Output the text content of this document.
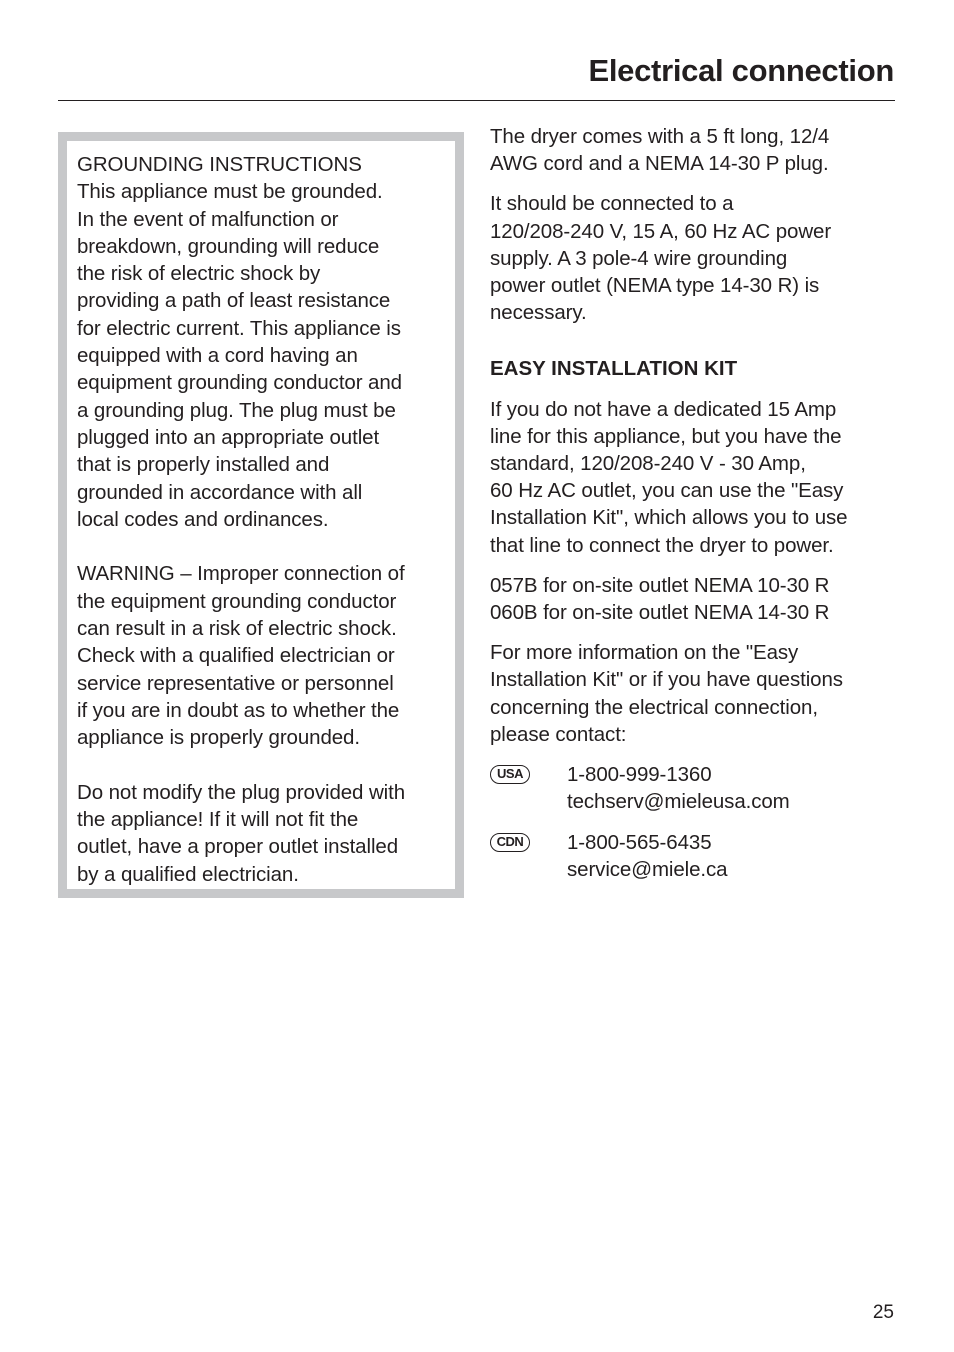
Electrical connection

GROUNDING INSTRUCTIONS
This appliance must be grounded.
In the event of malfunction or
breakdown, grounding will reduce
the risk of electric shock by
providing a path of least resistance
for electric current. This appliance is
equipped with a cord having an
equipment grounding conductor and
a grounding plug. The plug must be
plugged into an appropriate outlet
that is properly installed and
grounded in accordance with all
local codes and ordinances.

WARNING – Improper connection of
the equipment grounding conductor
can result in a risk of electric shock.
Check with a qualified electrician or
service representative or personnel
if you are in doubt as to whether the
appliance is properly grounded.

Do not modify the plug provided with
the appliance! If it will not fit the
outlet, have a proper outlet installed
by a qualified electrician.

The dryer comes with a 5 ft long, 12/4
AWG cord and a NEMA 14-30 P plug.

It should be connected to a
120/208-240 V, 15 A, 60 Hz AC power
supply. A 3 pole-4 wire grounding
power outlet (NEMA type 14-30 R) is
necessary.

EASY INSTALLATION KIT

If you do not have a dedicated 15 Amp
line for this appliance, but you have the
standard, 120/208-240 V - 30 Amp,
60 Hz AC outlet, you can use the "Easy
Installation Kit", which allows you to use
that line to connect the dryer to power.

057B for on-site outlet NEMA 10-30 R
060B for on-site outlet NEMA 14-30 R

For more information on the "Easy
Installation Kit" or if you have questions
concerning the electrical connection,
please contact:

USA	1-800-999-1360
techserv@mieleusa.com
CDN	1-800-565-6435
service@miele.ca
25
